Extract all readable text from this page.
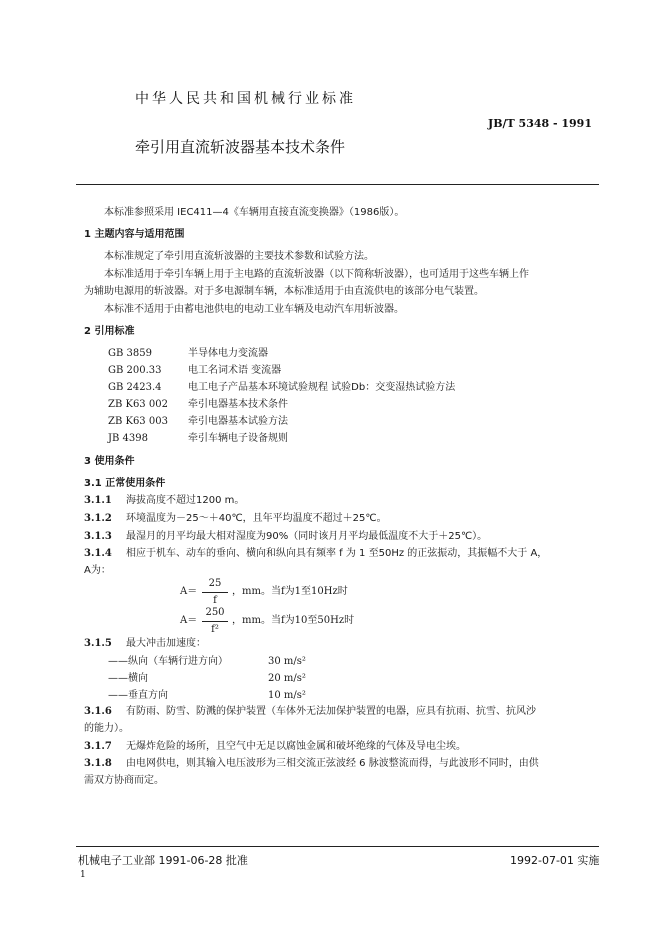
中华人民共和国机械行业标准
JB/T 5348 - 1991
牵引用直流斩波器基本技术条件
本标准参照采用 IEC411—4《车辆用直接直流变换器》（1986版）。
1 主题内容与适用范围
本标准规定了牵引用直流斩波器的主要技术参数和试验方法。
本标准适用于牵引车辆上用于主电路的直流斩波器（以下简称斩波器），也可适用于这些车辆上作
为辅助电源用的斩波器。对于多电源制车辆，本标准适用于由直流供电的该部分电气装置。
本标准不适用于由蓄电池供电的电动工业车辆及电动汽车用斩波器。
2 引用标准
GB 3859	半导体电力变流器
GB 200.33	电工名词术语 变流器
GB 2423.4	电工电子产品基本环境试验规程 试验Db：交变湿热试验方法
ZB K63 002 牵引电器基本技术条件
ZB K63 003 牵引电器基本试验方法
JB 4398	牵引车辆电子设备规则
3 使用条件
3.1 正常使用条件
3.1.1 海拔高度不超过1200 m。
3.1.2 环境温度为－25～＋40℃，且年平均温度不超过＋25℃。
3.1.3 最湿月的月平均最大相对湿度为90%（同时该月月平均最低温度不大于＋25℃）。
3.1.4 相应于机车、动车的垂向、横向和纵向具有频率 f 为 1 至50Hz 的正弦振动，其振幅不大于 A，
A为：
A＝
25
f
，mm。当f为1至10Hz时
A＝
250
f²
，mm。当f为10至50Hz时
3.1.5 最大冲击加速度：
——纵向（车辆行进方向）	30 m/s²
——横向	20 m/s²
——垂直方向	10 m/s²
3.1.6 有防雨、防雪、防溅的保护装置（车体外无法加保护装置的电器，应具有抗雨、抗雪、抗风沙
的能力）。
3.1.7 无爆炸危险的场所，且空气中无足以腐蚀金属和破坏绝缘的气体及导电尘埃。
3.1.8 由电网供电，则其输入电压波形为三相交流正弦波经 6 脉波整流而得，与此波形不同时，由供
需双方协商而定。
机械电子工业部 1991-06-28 批准	1992-07-01 实施
1
